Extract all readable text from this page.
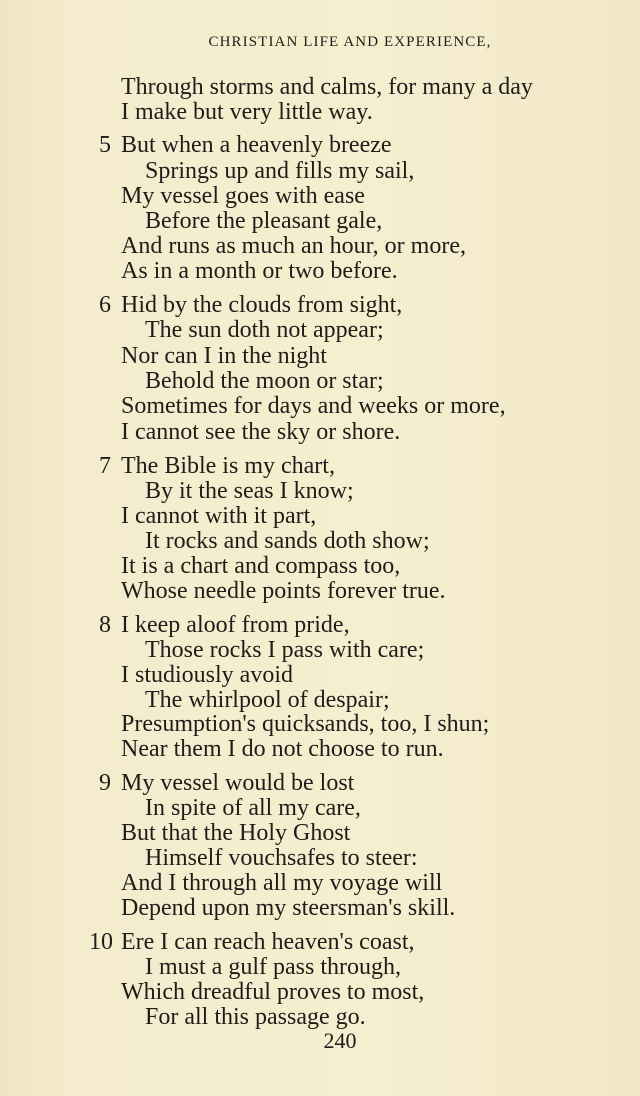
CHRISTIAN LIFE AND EXPERIENCE,
Through storms and calms, for many a day
I make but very little way.
5 But when a heavenly breeze
Springs up and fills my sail,
My vessel goes with ease
Before the pleasant gale,
And runs as much an hour, or more,
As in a month or two before.
6 Hid by the clouds from sight,
The sun doth not appear;
Nor can I in the night
Behold the moon or star;
Sometimes for days and weeks or more,
I cannot see the sky or shore.
7 The Bible is my chart,
By it the seas I know;
I cannot with it part,
It rocks and sands doth show;
It is a chart and compass too,
Whose needle points forever true.
8 I keep aloof from pride,
Those rocks I pass with care;
I studiously avoid
The whirlpool of despair;
Presumption's quicksands, too, I shun;
Near them I do not choose to run.
9 My vessel would be lost
In spite of all my care,
But that the Holy Ghost
Himself vouchsafes to steer:
And I through all my voyage will
Depend upon my steersman's skill.
10 Ere I can reach heaven's coast,
I must a gulf pass through,
Which dreadful proves to most,
For all this passage go.
240
